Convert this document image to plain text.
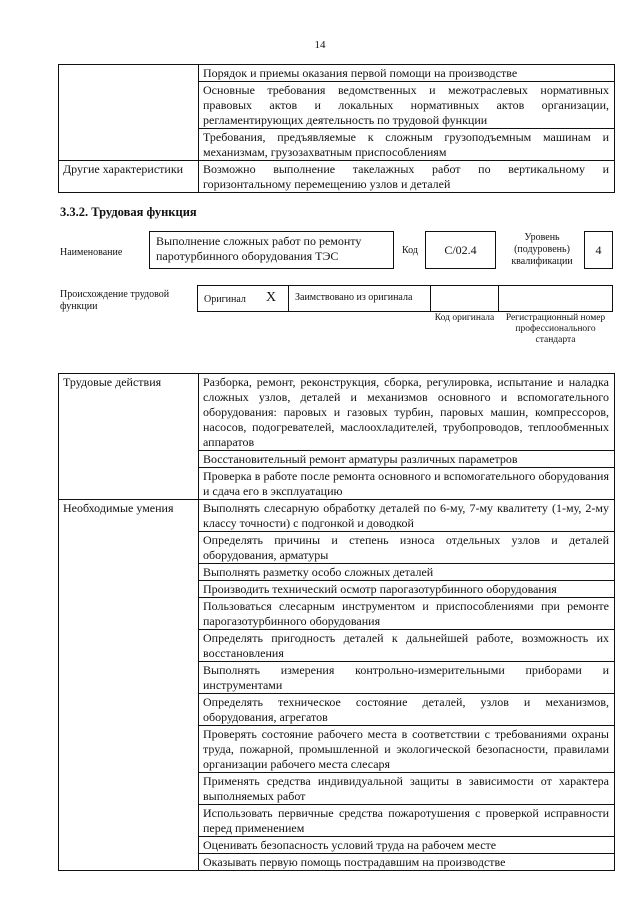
14
	Порядок и приемы оказания первой помощи на производстве
	Основные требования ведомственных и межотраслевых нормативных правовых актов и локальных нормативных актов организации, регламентирующих деятельность по трудовой функции
	Требования, предъявляемые к сложным грузоподъемным машинам и механизмам, грузозахватным приспособлениям
Другие характеристики	Возможно выполнение такелажных работ по вертикальному и горизонтальному перемещению узлов и деталей
3.3.2. Трудовая функция
Наименование
Выполнение сложных работ по ремонту паротурбинного оборудования ТЭС	Код	С/02.4
Уровень (подуровень) квалификации
4
Происхождение трудовой функции
Оригинал X	Заимствовано из оригинала
Код оригинала	Регистрационный номер профессионального стандарта
Трудовые действия	Разборка, ремонт, реконструкция, сборка, регулировка, испытание и наладка сложных узлов, деталей и механизмов основного и вспомогательного оборудования: паровых и газовых турбин, паровых машин, компрессоров, насосов, подогревателей, маслоохладителей, трубопроводов, теплообменных аппаратов
	Восстановительный ремонт арматуры различных параметров
	Проверка в работе после ремонта основного и вспомогательного оборудования и сдача его в эксплуатацию
Необходимые умения	Выполнять слесарную обработку деталей по 6-му, 7-му квалитету (1-му, 2-му классу точности) с подгонкой и доводкой
	Определять причины и степень износа отдельных узлов и деталей оборудования, арматуры
	Выполнять разметку особо сложных деталей
	Производить технический осмотр парогазотурбинного оборудования
	Пользоваться слесарным инструментом и приспособлениями при ремонте парогазотурбинного оборудования
	Определять пригодность деталей к дальнейшей работе, возможность их восстановления
	Выполнять измерения контрольно-измерительными приборами и инструментами
	Определять техническое состояние деталей, узлов и механизмов, оборудования, агрегатов
	Проверять состояние рабочего места в соответствии с требованиями охраны труда, пожарной, промышленной и экологической безопасности, правилами организации рабочего места слесаря
	Применять средства индивидуальной защиты в зависимости от характера выполняемых работ
	Использовать первичные средства пожаротушения с проверкой исправности перед применением
	Оценивать безопасность условий труда на рабочем месте
	Оказывать первую помощь пострадавшим на производстве
